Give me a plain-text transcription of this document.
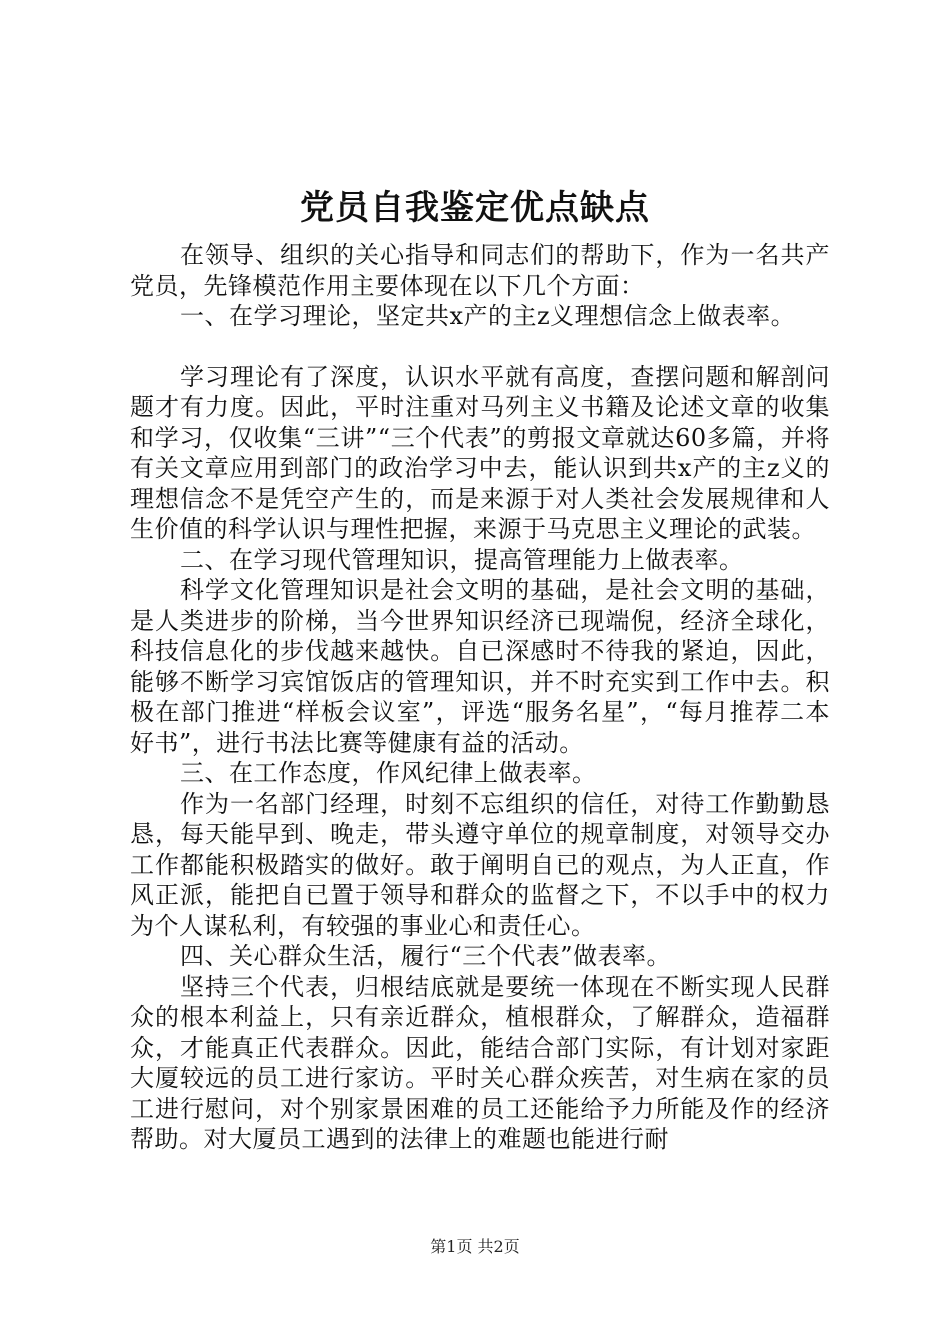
党员自我鉴定优点缺点

在领导、组织的关心指导和同志们的帮助下，作为一名共产党员，先锋模范作用主要体现在以下几个方面：

一、在学习理论，坚定共x产的主z义理想信念上做表率。

学习理论有了深度，认识水平就有高度，查摆问题和解剖问题才有力度。因此，平时注重对马列主义书籍及论述文章的收集和学习，仅收集“三讲”“三个代表”的剪报文章就达60多篇，并将有关文章应用到部门的政治学习中去，能认识到共x产的主z义的理想信念不是凭空产生的，而是来源于对人类社会发展规律和人生价值的科学认识与理性把握，来源于马克思主义理论的武装。

二、在学习现代管理知识，提高管理能力上做表率。

科学文化管理知识是社会文明的基础，是社会文明的基础，是人类进步的阶梯，当今世界知识经济已现端倪，经济全球化，科技信息化的步伐越来越快。自已深感时不待我的紧迫，因此，能够不断学习宾馆饭店的管理知识，并不时充实到工作中去。积极在部门推进“样板会议室”，评选“服务名星”，“每月推荐二本好书”，进行书法比赛等健康有益的活动。

三、在工作态度，作风纪律上做表率。

作为一名部门经理，时刻不忘组织的信任，对待工作勤勤恳恳，每天能早到、晚走，带头遵守单位的规章制度，对领导交办工作都能积极踏实的做好。敢于阐明自已的观点，为人正直，作风正派，能把自已置于领导和群众的监督之下，不以手中的权力为个人谋私利，有较强的事业心和责任心。

四、关心群众生活，履行“三个代表”做表率。

坚持三个代表，归根结底就是要统一体现在不断实现人民群众的根本利益上，只有亲近群众，植根群众，了解群众，造福群众，才能真正代表群众。因此，能结合部门实际，有计划对家距大厦较远的员工进行家访。平时关心群众疾苦，对生病在家的员工进行慰问，对个别家景困难的员工还能给予力所能及作的经济帮助。对大厦员工遇到的法律上的难题也能进行耐

第1页 共2页
